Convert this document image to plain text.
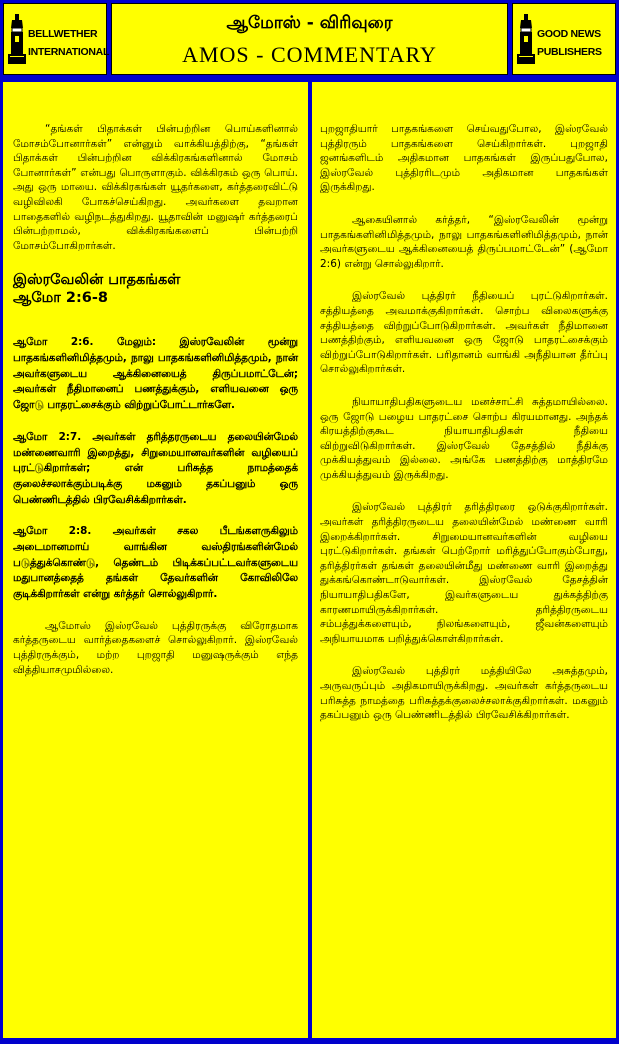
BELLWETHER
INTERNATIONAL
ஆமோஸ் - விரிவுரை
AMOS - COMMENTARY
GOOD NEWS
PUBLISHERS

“தங்கள் பிதாக்கள் பின்பற்றின பொய்களினால் மோசம்போனார்கள்” என்னும் வாக்கியத்திற்கு, “தங்கள் பிதாக்கள் பின்பற்றின விக்கிரகங்களினால் மோசம் போனார்கள்” என்பது பொருளாகும். விக்கிரகம் ஒரு பொய். அது ஒரு மாயை. விக்கிரகங்கள் யூதர்களை, கர்த்தரைவிட்டு வழிவிலகி போகச்செய்கிறது. அவர்களை தவறான பாதைகளில் வழிநடத்துகிறது. யூதாவின் மனுஷர் கர்த்தரைப் பின்பற்றாமல், விக்கிரகங்களைப் பின்பற்றி மோசம்போகிறார்கள்.

இஸ்ரவேலின் பாதகங்கள்
ஆமோ 2:6-8

ஆமோ 2:6. மேலும்: இஸ்ரவேலின் மூன்று பாதகங்களினிமித்தமும், நாலு பாதகங்களினிமித்தமும், நான் அவர்களுடைய ஆக்கினையைத் திருப்பமாட்டேன்; அவர்கள் நீதிமானைப் பணத்துக்கும், எளியவனை ஒரு ஜோடு பாதரட்சைக்கும் விற்றுப்போட்டார்களே.

ஆமோ 2:7. அவர்கள் தரித்தரருடைய தலையின்மேல் மண்ணைவாரி இறைத்து, சிறுமையானவர்களின் வழியைப் புரட்டுகிறார்கள்; என் பரிசுத்த நாமத்தைக் குலைச்சலாக்கும்படிக்கு மகனும் தகப்பனும் ஒரு பெண்ணிடத்தில் பிரவேசிக்கிறார்கள்.

ஆமோ 2:8. அவர்கள் சகல பீடங்களருகிலும் அடைமானமாய் வாங்கின வஸ்திரங்களின்மேல் படுத்துக்கொண்டு, தெண்டம் பிடிக்கப்பட்டவர்களுடைய மதுபானத்தைத் தங்கள் தேவர்களின் கோவிலிலே குடிக்கிறார்கள் என்று கர்த்தர் சொல்லுகிறார்.

ஆமோஸ் இஸ்ரவேல் புத்திரருக்கு விரோதமாக கர்த்தருடைய வார்த்தைகளைச் சொல்லுகிறார். இஸ்ரவேல் புத்திரருக்கும், மற்ற புறஜாதி மனுஷருக்கும் எந்த வித்தியாசமுமில்லை.

புறஜாதியார் பாதகங்களை செய்வதுபோல, இஸ்ரவேல் புத்திரரும் பாதகங்களை செய்கிறார்கள். புறஜாதி ஜனங்களிடம் அதிகமான பாதகங்கள் இருப்பதுபோல, இஸ்ரவேல் புத்திரரிடமும் அதிகமான பாதகங்கள் இருக்கிறது.

ஆகையினால் கர்த்தர், “இஸ்ரவேலின் மூன்று பாதகங்களினிமித்தமும், நாலு பாதகங்களினிமித்தமும், நான் அவர்களுடைய ஆக்கினையைத் திருப்பமாட்டேன்” (ஆமோ 2:6) என்று சொல்லுகிறார்.

இஸ்ரவேல் புத்திரர் நீதியைப் புரட்டுகிறார்கள். சத்தியத்தை அவமாக்குகிறார்கள். சொற்ப விலைகளுக்கு சத்தியத்தை விற்றுப்போடுகிறார்கள். அவர்கள் நீதிமானை பணத்திற்கும், எளியவனை ஒரு ஜோடு பாதரட்சைக்கும் விற்றுப்போடுகிறார்கள். பரிதானம் வாங்கி அநீதியான தீர்ப்பு சொல்லுகிறார்கள்.

நியாயாதிபதிகளுடைய மனச்சாட்சி சுத்தமாயில்லை. ஒரு ஜோடு பழைய பாதரட்சை சொற்ப கிரயமானது. அந்தக் கிரயத்திற்குகூட நியாயாதிபதிகள் நீதியை விற்றுவிடுகிறார்கள். இஸ்ரவேல் தேசத்தில் நீதிக்கு முக்கியத்துவம் இல்லை. அங்கே பணத்திற்கு மாத்திரமே முக்கியத்துவம் இருக்கிறது.

இஸ்ரவேல் புத்திரர் தரித்திரரை ஒடுக்குகிறார்கள். அவர்கள் தரித்திரருடைய தலையின்மேல் மண்ணை வாரி இறைக்கிறார்கள். சிறுமையானவர்களின் வழியை புரட்டுகிறார்கள். தங்கள் பெற்றோர் மரித்துப்போகும்போது, தரித்திரர்கள் தங்கள் தலையின்மீது மண்ணை வாரி இறைத்து துக்கங்கொண்டாடுவார்கள். இஸ்ரவேல் தேசத்தின் நியாயாதிபதிகளே, இவர்களுடைய துக்கத்திற்கு காரணமாயிருக்கிறார்கள். தரித்திரருடைய சம்பத்துக்களையும், நிலங்களையும், ஜீவன்களையும் அநியாயமாக பறித்துக்கொள்கிறார்கள்.

இஸ்ரவேல் புத்திரர் மத்தியிலே அசுத்தமும், அருவருப்பும் அதிகமாயிருக்கிறது. அவர்கள் கர்த்தருடைய பரிசுத்த நாமத்தை பரிசுத்தக்குலைச்சலாக்குகிறார்கள். மகனும் தகப்பனும் ஒரு பெண்ணிடத்தில் பிரவேசிக்கிறார்கள்.
